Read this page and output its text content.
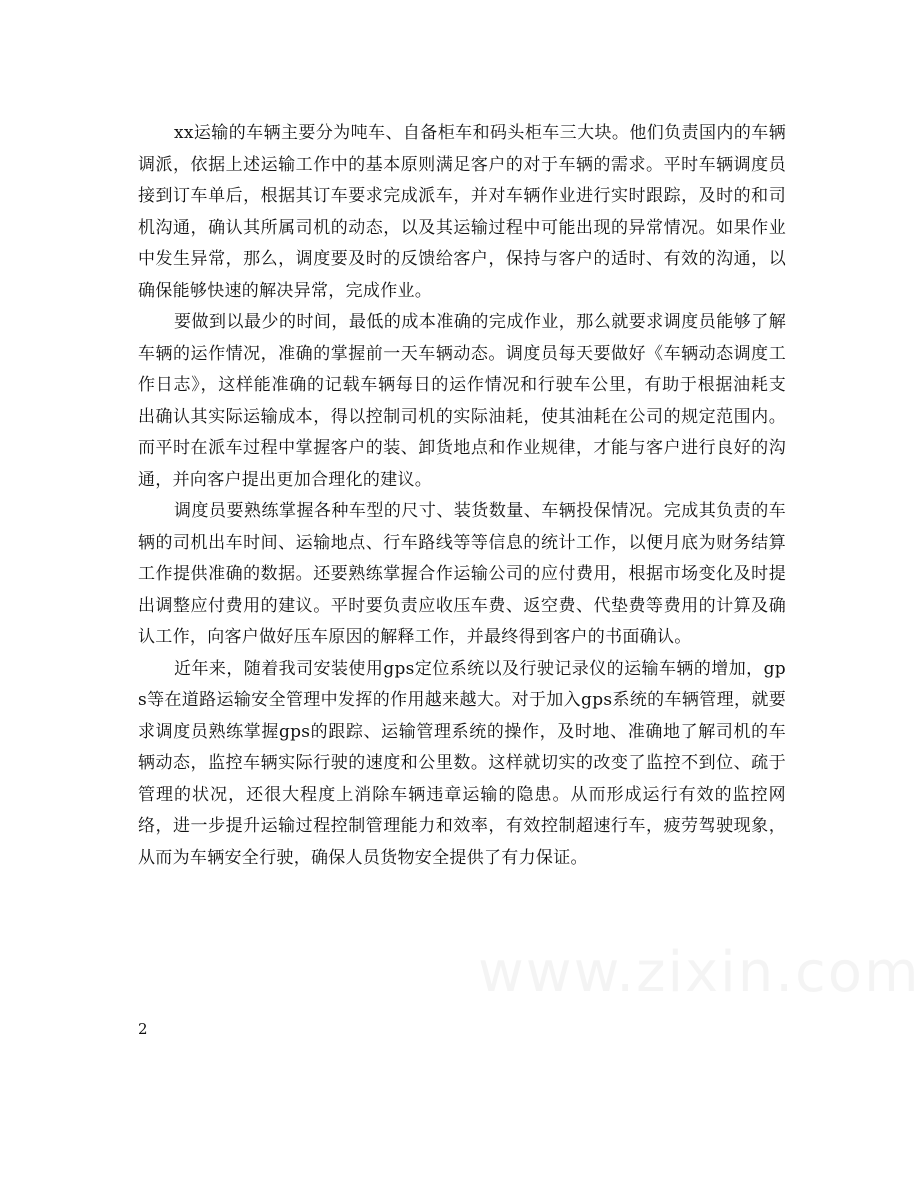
xx运输的车辆主要分为吨车、自备柜车和码头柜车三大块。他们负责国内的车辆调派，依据上述运输工作中的基本原则满足客户的对于车辆的需求。平时车辆调度员接到订车单后，根据其订车要求完成派车，并对车辆作业进行实时跟踪，及时的和司机沟通，确认其所属司机的动态，以及其运输过程中可能出现的异常情况。如果作业中发生异常，那么，调度要及时的反馈给客户，保持与客户的适时、有效的沟通，以确保能够快速的解决异常，完成作业。

要做到以最少的时间，最低的成本准确的完成作业，那么就要求调度员能够了解车辆的运作情况，准确的掌握前一天车辆动态。调度员每天要做好《车辆动态调度工作日志》，这样能准确的记载车辆每日的运作情况和行驶车公里，有助于根据油耗支出确认其实际运输成本，得以控制司机的实际油耗，使其油耗在公司的规定范围内。而平时在派车过程中掌握客户的装、卸货地点和作业规律，才能与客户进行良好的沟通，并向客户提出更加合理化的建议。

调度员要熟练掌握各种车型的尺寸、装货数量、车辆投保情况。完成其负责的车辆的司机出车时间、运输地点、行车路线等等信息的统计工作，以便月底为财务结算工作提供准确的数据。还要熟练掌握合作运输公司的应付费用，根据市场变化及时提出调整应付费用的建议。平时要负责应收压车费、返空费、代垫费等费用的计算及确认工作，向客户做好压车原因的解释工作，并最终得到客户的书面确认。

近年来，随着我司安装使用gps定位系统以及行驶记录仪的运输车辆的增加，gps等在道路运输安全管理中发挥的作用越来越大。对于加入gps系统的车辆管理，就要求调度员熟练掌握gps的跟踪、运输管理系统的操作，及时地、准确地了解司机的车辆动态，监控车辆实际行驶的速度和公里数。这样就切实的改变了监控不到位、疏于管理的状况，还很大程度上消除车辆违章运输的隐患。从而形成运行有效的监控网络，进一步提升运输过程控制管理能力和效率，有效控制超速行车，疲劳驾驶现象，从而为车辆安全行驶，确保人员货物安全提供了有力保证。

2
